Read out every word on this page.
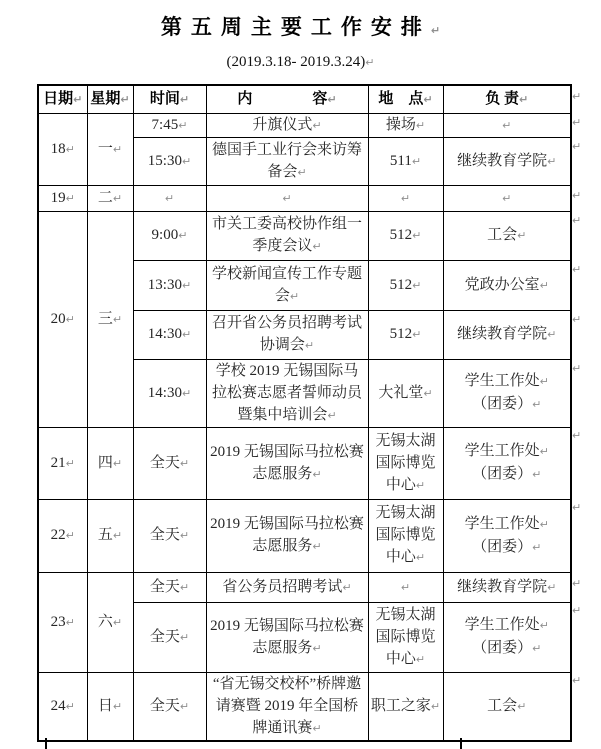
第五周主要工作安排↵
(2019.3.18- 2019.3.24)↵
日期↵	星期↵	时间↵	内　　　　容↵	地　点↵	负 责↵
18↵	一↵	7:45↵	升旗仪式↵	操场↵	↵
		15:30↵	德国手工业行会来访筹备会↵	511↵	继续教育学院↵
19↵	二↵	↵	↵	↵	↵
20↵	三↵	9:00↵	市关工委高校协作组一季度会议↵	512↵	工会↵
		13:30↵	学校新闻宣传工作专题会↵	512↵	党政办公室↵
		14:30↵	召开省公务员招聘考试协调会↵	512↵	继续教育学院↵
		14:30↵	学校 2019 无锡国际马拉松赛志愿者誓师动员暨集中培训会↵	大礼堂↵	学生工作处↵
（团委）↵

21↵	四↵	全天↵	2019 无锡国际马拉松赛志愿服务↵	无锡太湖国际博览中心↵	学生工作处↵
（团委）↵

22↵	五↵	全天↵	2019 无锡国际马拉松赛志愿服务↵	无锡太湖国际博览中心↵	学生工作处↵
（团委）↵

23↵	六↵	全天↵	省公务员招聘考试↵	↵	继续教育学院↵
		全天↵	2019 无锡国际马拉松赛志愿服务↵	无锡太湖国际博览中心↵	学生工作处↵
（团委）↵

24↵	日↵	全天↵	“省无锡交校杯”桥牌邀请赛暨 2019 年全国桥牌通讯赛↵	职工之家↵	工会↵
↵
↵
↵
↵
↵
↵
↵
↵
↵
↵
↵
↵
↵
